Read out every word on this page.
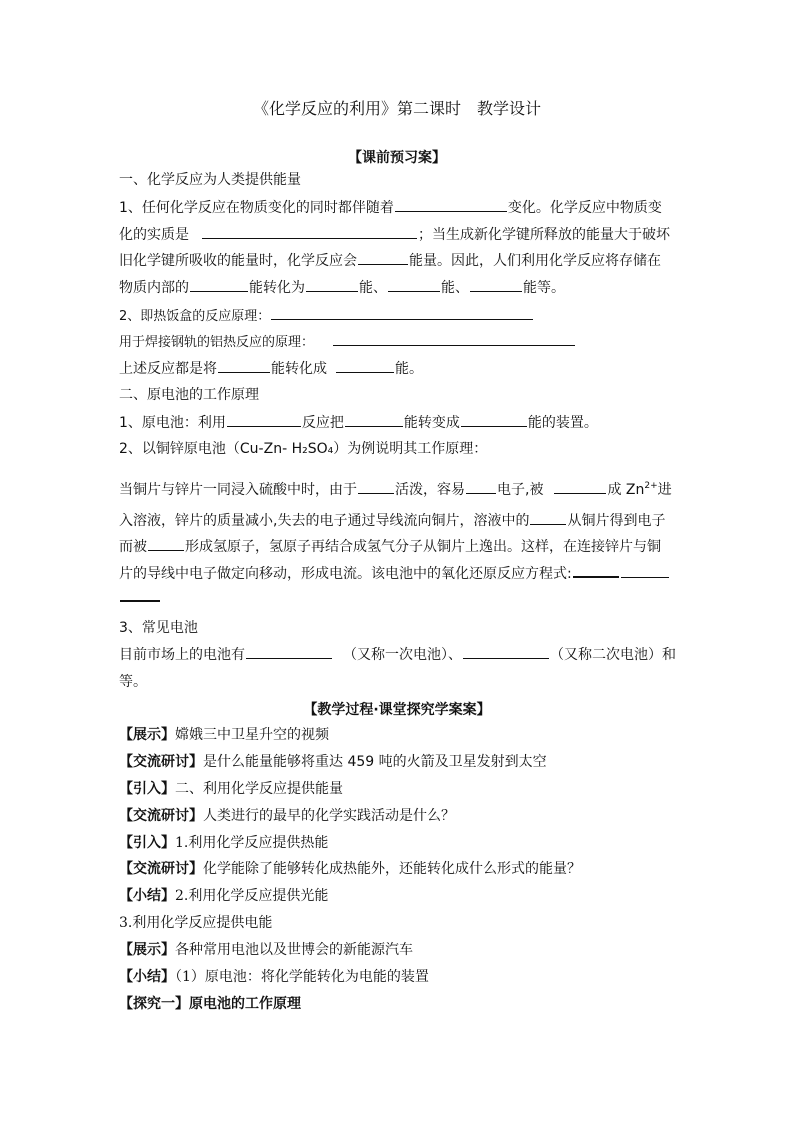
《化学反应的利用》第二课时　教学设计
【课前预习案】
一、化学反应为人类提供能量
1、任何化学反应在物质变化的同时都伴随着	变化。化学反应中物质变
化的实质是	；当生成新化学键所释放的能量大于破坏
旧化学键所吸收的能量时，化学反应会	能量。因此，人们利用化学反应将存储在
物质内部的	能转化为	能、	能、	能等。
2、即热饭盒的反应原理：
用于焊接钢轨的铝热反应的原理：
上述反应都是将	能转化成	能。
二、原电池的工作原理
1、原电池：利用	反应把	能转变成	能的装置。
2、以铜锌原电池（Cu-Zn- H₂SO₄）为例说明其工作原理：
当铜片与锌片一同浸入硫酸中时，由于	活泼，容易 电子,被	成 $Zn^{2+}$进
入溶液，锌片的质量减小,失去的电子通过导线流向铜片，溶液中的	从铜片得到电子
而被	形成氢原子，氢原子再结合成氢气分子从铜片上逸出。这样，在连接锌片与铜
片的导线中电子做定向移动，形成电流。该电池中的氧化还原反应方程式:
3、常见电池
目前市场上的电池有	（又称一次电池）、	（又称二次电池）和
等。
【教学过程·课堂探究学案案】
【展示】嫦娥三中卫星升空的视频
【交流研讨】是什么能量能够将重达 459 吨的火箭及卫星发射到太空
【引入】二、利用化学反应提供能量
【交流研讨】人类进行的最早的化学实践活动是什么？
【引入】1.利用化学反应提供热能
【交流研讨】化学能除了能够转化成热能外，还能转化成什么形式的能量？
【小结】2.利用化学反应提供光能
3.利用化学反应提供电能
【展示】各种常用电池以及世博会的新能源汽车
【小结】（1）原电池：将化学能转化为电能的装置
【探究一】原电池的工作原理
